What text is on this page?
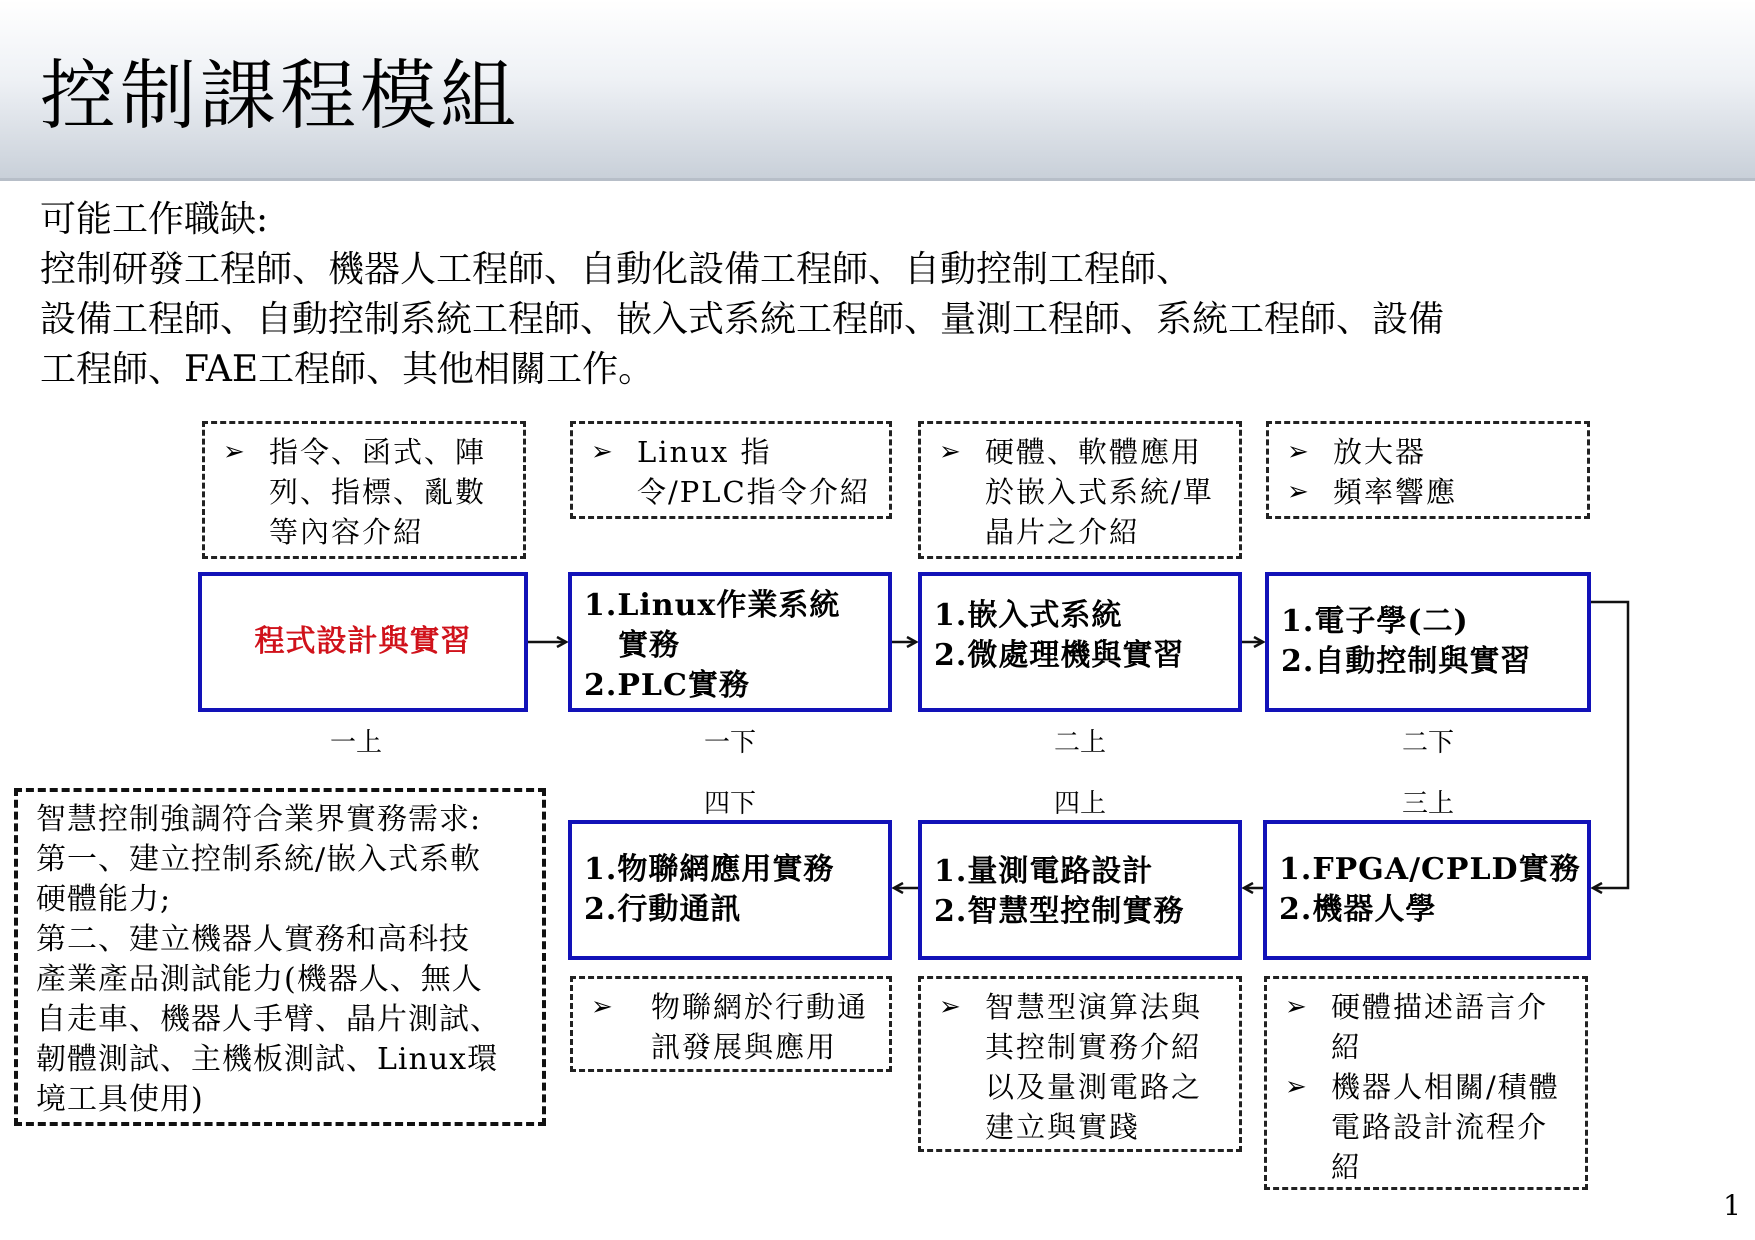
控制課程模組
可能工作職缺:
控制研發工程師、機器人工程師、自動化設備工程師、自動控制工程師、
設備工程師、自動控制系統工程師、嵌入式系統工程師、量測工程師、系統工程師、設備
工程師、FAE工程師、其他相關工作。
➢ 指令、函式、陣列、指標、亂數等內容介紹
➢ Linux 指令/PLC指令介紹
➢ 硬體、軟體應用於嵌入式系統/單晶片之介紹
➢ 放大器
➢ 頻率響應
程式設計與實習
1.Linux作業系統
實務
2.PLC實務
1.嵌入式系統
2.微處理機與實習
1.電子學(二)
2.自動控制與實習
一上	一下	二上	二下
四下	四上	三上
1.物聯網應用實務
2.行動通訊
1.量測電路設計
2.智慧型控制實務
1.FPGA/CPLD實務
2.機器人學
➢	物聯網於行動通訊發展與應用
➢ 智慧型演算法與其控制實務介紹以及量測電路之建立與實踐
➢ 硬體描述語言介紹
➢ 機器人相關/積體電路設計流程介紹
智慧控制強調符合業界實務需求:
第一、建立控制系統/嵌入式系軟
硬體能力;
第二、建立機器人實務和高科技
產業產品測試能力(機器人、無人
自走車、機器人手臂、晶片測試、
韌體測試、主機板測試、Linux環
境工具使用)
1
